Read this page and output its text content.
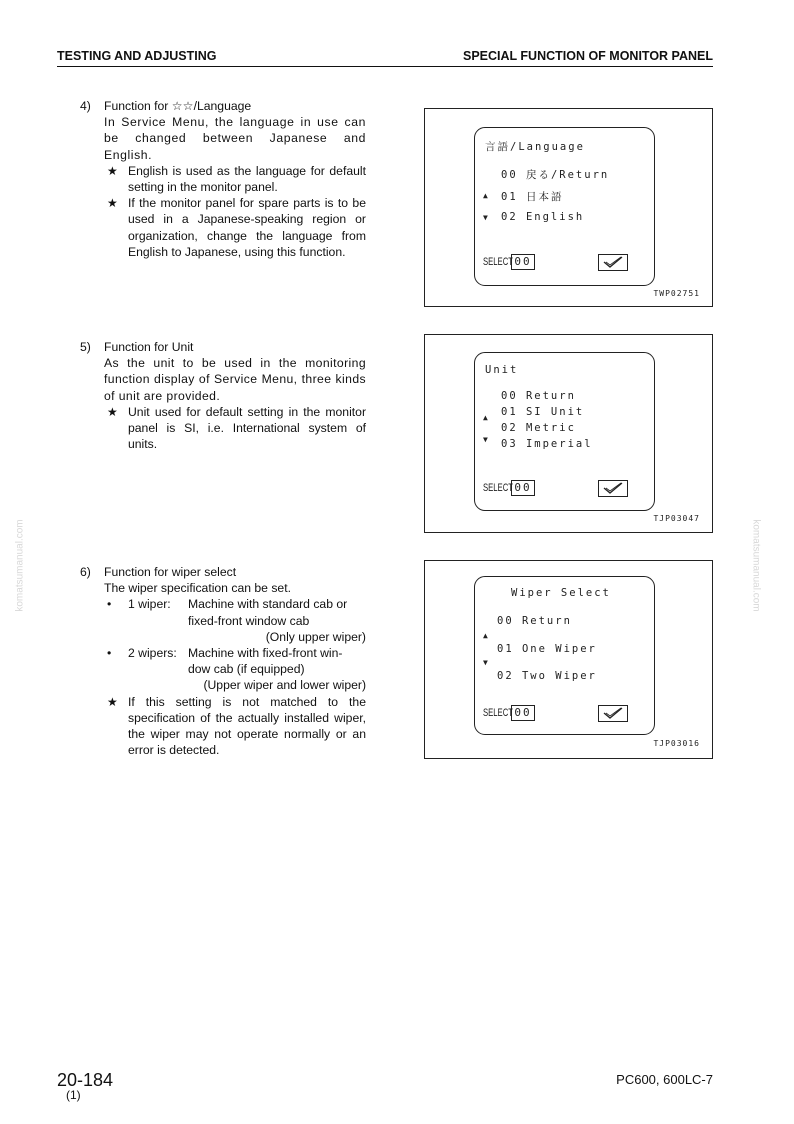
TESTING AND ADJUSTING	SPECIAL FUNCTION OF MONITOR PANEL
komatsumanual.com	komatsumanual.com
4) Function for ☆☆/Language
In Service Menu, the language in use can be changed between Japanese and English.
★ English is used as the language for default setting in the monitor panel.
★ If the monitor panel for spare parts is to be used in a Japanese-speaking region or organization, change the language from English to Japanese, using this function.
言語/Language
00 戻る/Return
▲ 01 日本語
▼ 02 English
SELECT 00
TWP02751
5) Function for Unit
As the unit to be used in the monitoring function display of Service Menu, three kinds of unit are provided.
★ Unit used for default setting in the monitor panel is SI, i.e. International system of units.
Unit
00 Return
▲ 01 SI Unit
02 Metric
▼ 03 Imperial
SELECT 00
TJP03047
6) Function for wiper select
The wiper specification can be set.
• 1 wiper: Machine with standard cab or
fixed-front window cab
(Only upper wiper)
• 2 wipers: Machine with fixed-front win-
dow cab (if equipped)
(Upper wiper and lower wiper)
★ If this setting is not matched to the specification of the actually installed wiper, the wiper may not operate normally or an error is detected.
Wiper Select
00 Return
▲
01 One Wiper
▼
02 Two Wiper
SELECT 00
TJP03016
20-184
(1)
PC600, 600LC-7
